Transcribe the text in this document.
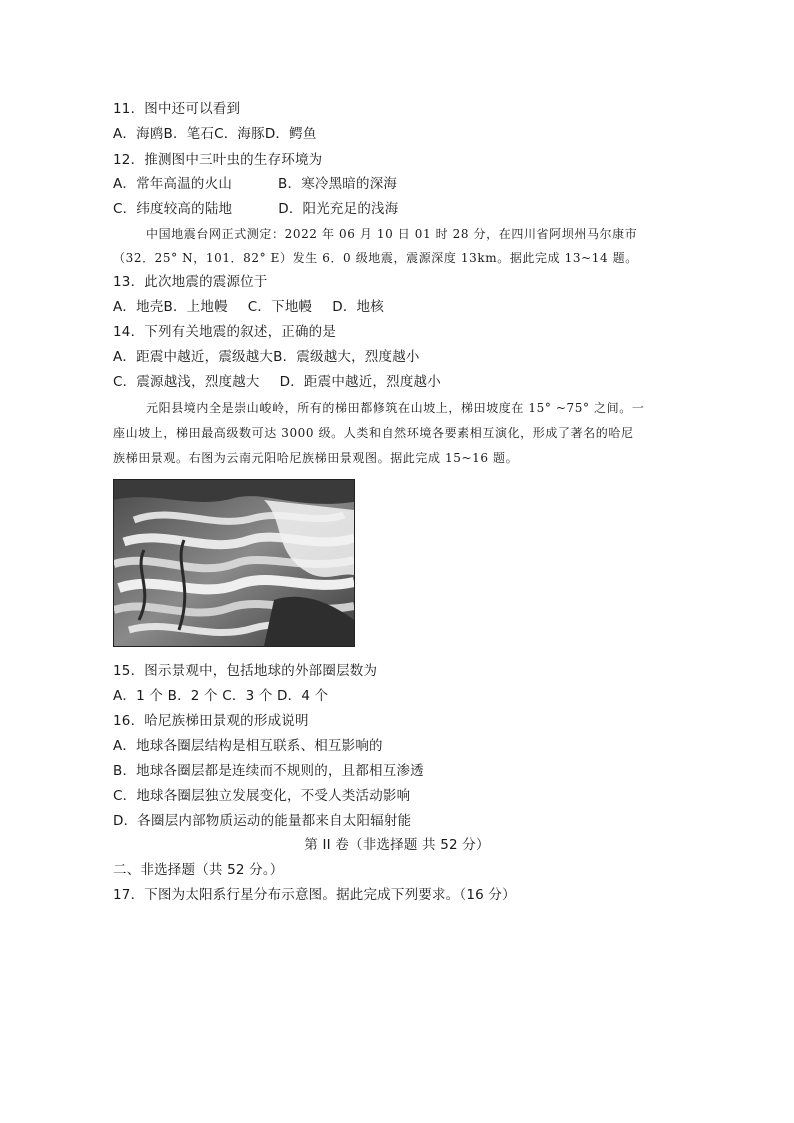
11．图中还可以看到
A．海鸥B．笔石C．海豚D．鳄鱼
12．推测图中三叶虫的生存环境为
A．常年高温的火山	B．寒冷黑暗的深海
C．纬度较高的陆地	D．阳光充足的浅海
中国地震台网正式测定：2022 年 06 月 10 日 01 时 28 分，在四川省阿坝州马尔康市
（32．25° N，101．82° E）发生 6．0 级地震，震源深度 13km。据此完成 13~14 题。
13．此次地震的震源位于
A．地壳B．上地幔 C．下地幔 D．地核
14．下列有关地震的叙述，正确的是
A．距震中越近，震级越大B．震级越大，烈度越小
C．震源越浅，烈度越大 D．距震中越近，烈度越小
元阳县境内全是崇山峻岭，所有的梯田都修筑在山坡上，梯田坡度在 15° ~75° 之间。一
座山坡上，梯田最高级数可达 3000 级。人类和自然环境各要素相互演化，形成了著名的哈尼
族梯田景观。右图为云南元阳哈尼族梯田景观图。据此完成 15~16 题。
15．图示景观中，包括地球的外部圈层数为
A．1 个 B．2 个 C．3 个 D．4 个
16．哈尼族梯田景观的形成说明
A．地球各圈层结构是相互联系、相互影响的
B．地球各圈层都是连续而不规则的，且都相互渗透
C．地球各圈层独立发展变化，不受人类活动影响
D．各圈层内部物质运动的能量都来自太阳辐射能
第 II 卷（非选择题 共 52 分）
二、非选择题（共 52 分。）
17．下图为太阳系行星分布示意图。据此完成下列要求。（16 分）
